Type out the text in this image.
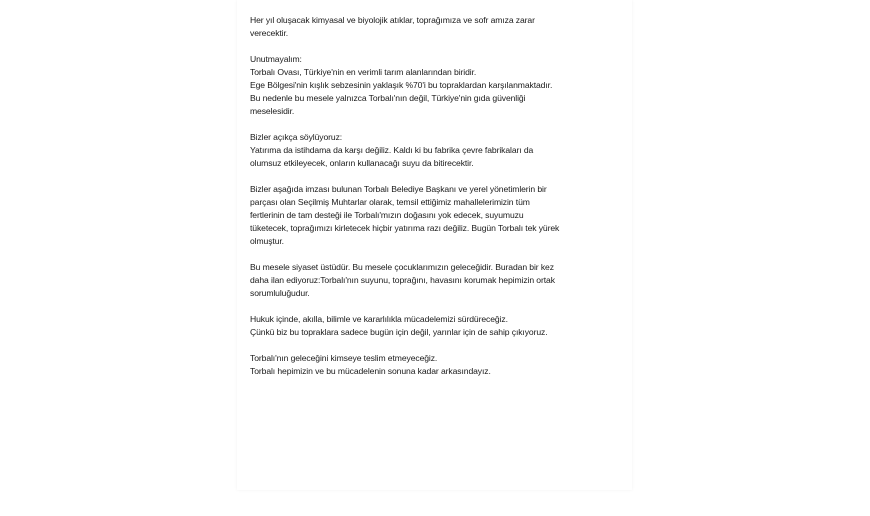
Her yıl oluşacak kimyasal ve biyolojik atıklar, toprağımıza ve sofr amıza zarar
verecektir.
Unutmayalım:
Torbalı Ovası, Türkiye'nin en verimli tarım alanlarından biridir.
Ege Bölgesi'nin kışlık sebzesinin yaklaşık %70'i bu topraklardan karşılanmaktadır.
Bu nedenle bu mesele yalnızca Torbalı'nın değil, Türkiye'nin gıda güvenliği
meselesidir.
Bizler açıkça söylüyoruz:
Yatırıma da istihdama da karşı değiliz. Kaldı ki bu fabrika çevre fabrikaları da
olumsuz etkileyecek, onların kullanacağı suyu da bitirecektir.
Bizler aşağıda imzası bulunan Torbalı Belediye Başkanı ve yerel yönetimlerin bir
parçası olan Seçilmiş Muhtarlar olarak, temsil ettiğimiz mahallelerimizin tüm
fertlerinin de tam desteği ile Torbalı'mızın doğasını yok edecek, suyumuzu
tüketecek, toprağımızı kirletecek hiçbir yatırıma razı değiliz. Bugün Torbalı tek yürek
olmuştur.
Bu mesele siyaset üstüdür. Bu mesele çocuklarımızın geleceğidir. Buradan bir kez
daha ilan ediyoruz:Torbalı'nın suyunu, toprağını, havasını korumak hepimizin ortak
sorumluluğudur.
Hukuk içinde, akılla, bilimle ve kararlılıkla mücadelemizi sürdüreceğiz.
Çünkü biz bu topraklara sadece bugün için değil, yarınlar için de sahip çıkıyoruz.
Torbalı'nın geleceğini kimseye teslim etmeyeceğiz.
Torbalı hepimizin ve bu mücadelenin sonuna kadar arkasındayız.
